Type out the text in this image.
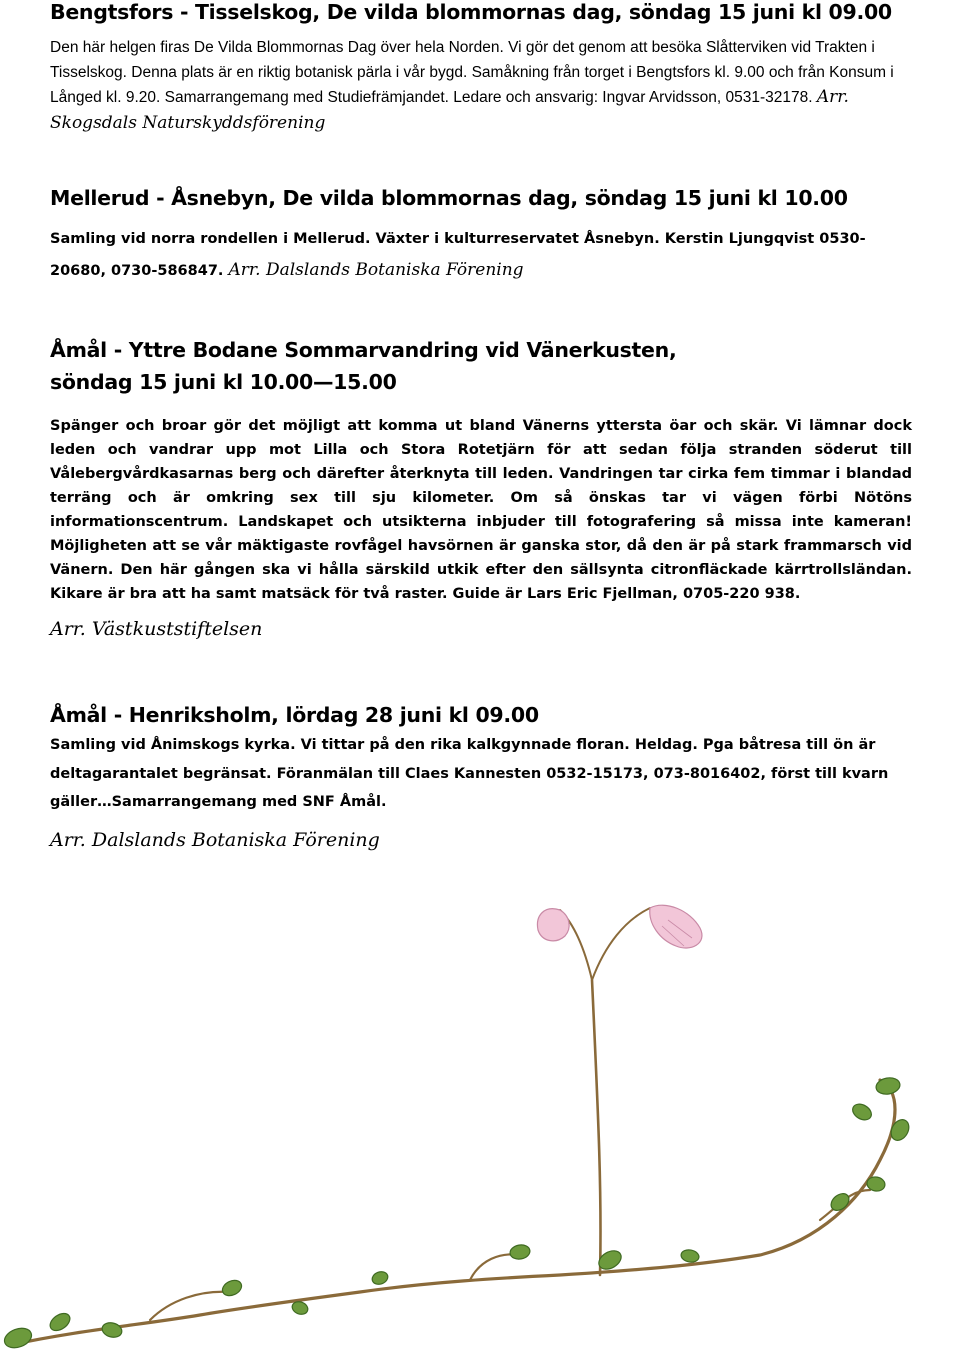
Bengtsfors - Tisselskog, De vilda blommornas dag, söndag 15 juni kl 09.00

Den här helgen firas De Vilda Blommornas Dag över hela Norden. Vi gör det genom att besöka Slåtterviken vid Trakten i Tisselskog. Denna plats är en riktig botanisk pärla i vår bygd. Samåkning från torget i Bengtsfors kl. 9.00 och från Konsum i Långed kl. 9.20. Samarrangemang med Studiefrämjandet. Ledare och ansvarig: Ingvar Arvidsson, 0531-32178. Arr. Skogsdals Naturskyddsförening

Mellerud - Åsnebyn, De vilda blommornas dag, söndag 15 juni kl 10.00

Samling vid norra rondellen i Mellerud. Växter i kulturreservatet Åsnebyn. Kerstin Ljungqvist 0530-20680, 0730-586847. Arr. Dalslands Botaniska Förening

Åmål - Yttre Bodane Sommarvandring vid Vänerkusten,
söndag 15 juni kl 10.00—15.00

Spänger och broar gör det möjligt att komma ut bland Vänerns yttersta öar och skär. Vi lämnar dock leden och vandrar upp mot Lilla och Stora Rotetjärn för att sedan följa stranden söderut till Vålebergvårdkasarnas berg och därefter återknyta till leden. Vandringen tar cirka fem timmar i blandad terräng och är omkring sex till sju kilometer. Om så önskas tar vi vägen förbi Nötöns informationscentrum. Landskapet och utsikterna inbjuder till fotografering så missa inte kameran! Möjligheten att se vår mäktigaste rovfågel havsörnen är ganska stor, då den är på stark frammarsch vid Vänern. Den här gången ska vi hålla särskild utkik efter den sällsynta citronfläckade kärrtrollsländan. Kikare är bra att ha samt matsäck för två raster. Guide är Lars Eric Fjellman, 0705-220 938.

Arr. Västkuststiftelsen
Åmål - Henriksholm, lördag 28 juni kl 09.00

Samling vid Ånimskogs kyrka. Vi tittar på den rika kalkgynnade floran. Heldag. Pga båtresa till ön är deltagarantalet begränsat. Föranmälan till Claes Kannesten 0532-15173, 073-8016402, först till kvarn gäller…Samarrangemang med SNF Åmål.

Arr. Dalslands Botaniska Förening
